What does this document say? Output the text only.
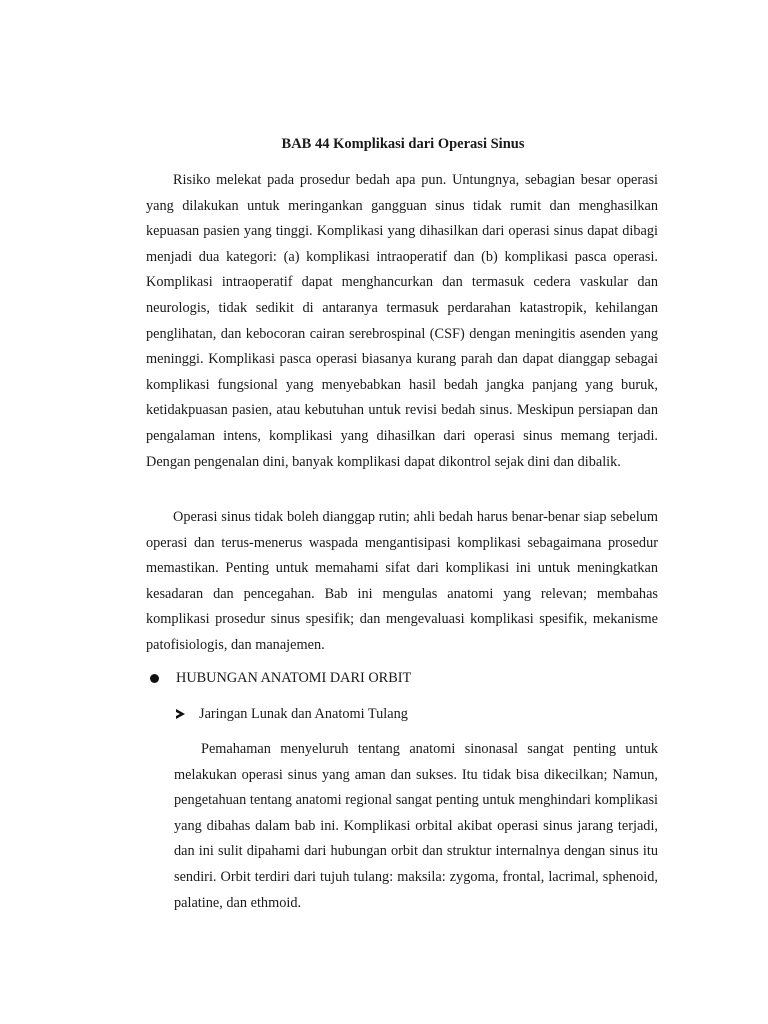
BAB 44 Komplikasi dari Operasi Sinus

Risiko melekat pada prosedur bedah apa pun. Untungnya, sebagian besar operasi yang dilakukan untuk meringankan gangguan sinus tidak rumit dan menghasilkan kepuasan pasien yang tinggi. Komplikasi yang dihasilkan dari operasi sinus dapat dibagi menjadi dua kategori: (a) komplikasi intraoperatif dan (b) komplikasi pasca operasi. Komplikasi intraoperatif dapat menghancurkan dan termasuk cedera vaskular dan neurologis, tidak sedikit di antaranya termasuk perdarahan katastropik, kehilangan penglihatan, dan kebocoran cairan serebrospinal (CSF) dengan meningitis asenden yang meninggi. Komplikasi pasca operasi biasanya kurang parah dan dapat dianggap sebagai komplikasi fungsional yang menyebabkan hasil bedah jangka panjang yang buruk, ketidakpuasan pasien, atau kebutuhan untuk revisi bedah sinus. Meskipun persiapan dan pengalaman intens, komplikasi yang dihasilkan dari operasi sinus memang terjadi. Dengan pengenalan dini, banyak komplikasi dapat dikontrol sejak dini dan dibalik.

Operasi sinus tidak boleh dianggap rutin; ahli bedah harus benar-benar siap sebelum operasi dan terus-menerus waspada mengantisipasi komplikasi sebagaimana prosedur memastikan. Penting untuk memahami sifat dari komplikasi ini untuk meningkatkan kesadaran dan pencegahan. Bab ini mengulas anatomi yang relevan; membahas komplikasi prosedur sinus spesifik; dan mengevaluasi komplikasi spesifik, mekanisme patofisiologis, dan manajemen.

HUBUNGAN ANATOMI DARI ORBIT
Jaringan Lunak dan Anatomi Tulang

Pemahaman menyeluruh tentang anatomi sinonasal sangat penting untuk melakukan operasi sinus yang aman dan sukses. Itu tidak bisa dikecilkan; Namun, pengetahuan tentang anatomi regional sangat penting untuk menghindari komplikasi yang dibahas dalam bab ini. Komplikasi orbital akibat operasi sinus jarang terjadi, dan ini sulit dipahami dari hubungan orbit dan struktur internalnya dengan sinus itu sendiri. Orbit terdiri dari tujuh tulang: maksila: zygoma, frontal, lacrimal, sphenoid, palatine, dan ethmoid.
